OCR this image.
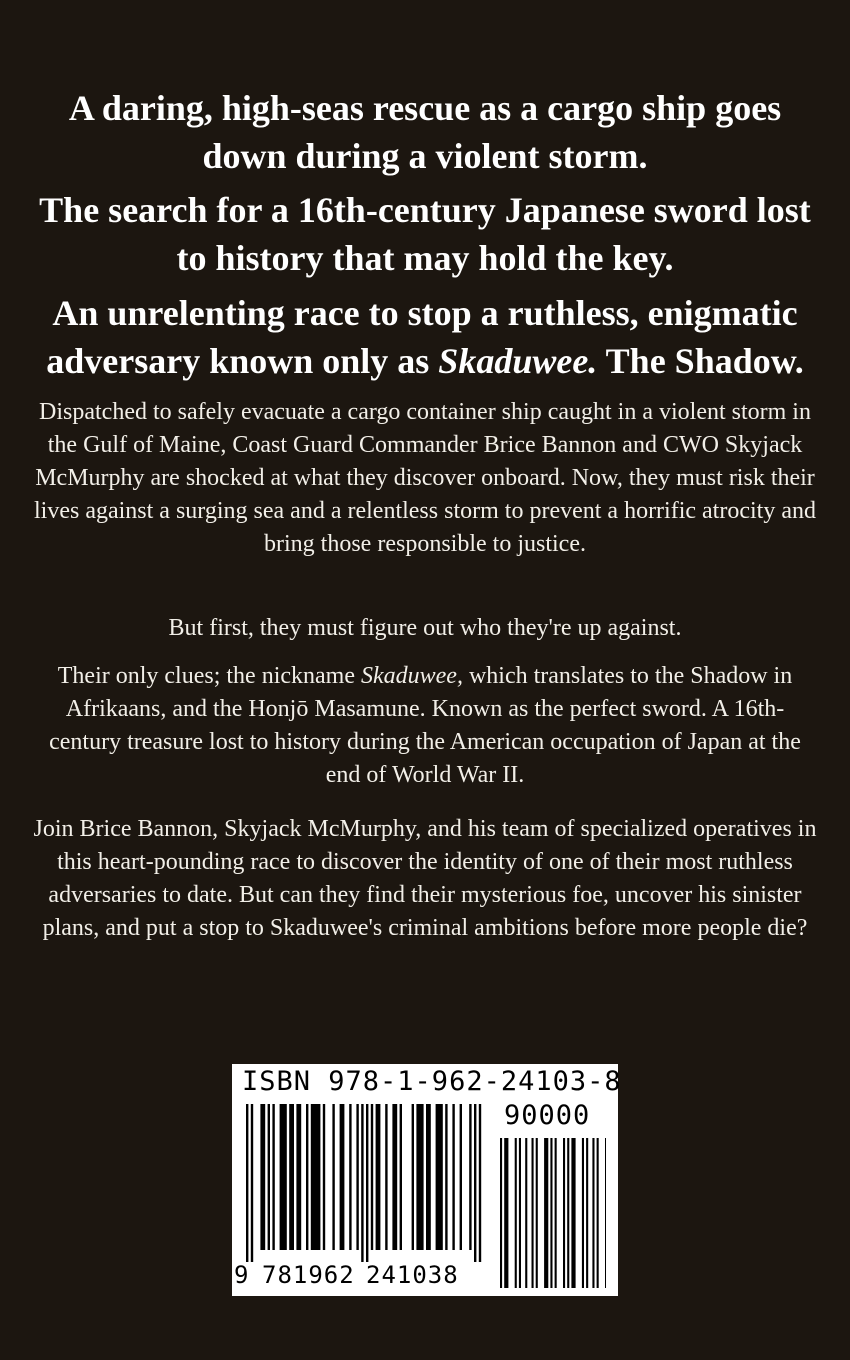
A daring, high-seas rescue as a cargo ship goes down during a violent storm.
The search for a 16th-century Japanese sword lost to history that may hold the key.
An unrelenting race to stop a ruthless, enigmatic adversary known only as Skaduwee. The Shadow.

Dispatched to safely evacuate a cargo container ship caught in a violent storm in the Gulf of Maine, Coast Guard Commander Brice Bannon and CWO Skyjack McMurphy are shocked at what they discover onboard. Now, they must risk their lives against a surging sea and a relentless storm to prevent a horrific atrocity and bring those responsible to justice.

But first, they must figure out who they're up against.

Their only clues; the nickname Skaduwee, which translates to the Shadow in Afrikaans, and the Honjō Masamune. Known as the perfect sword. A 16th-century treasure lost to history during the American occupation of Japan at the end of World War II.

Join Brice Bannon, Skyjack McMurphy, and his team of specialized operatives in this heart-pounding race to discover the identity of one of their most ruthless adversaries to date. But can they find their mysterious foe, uncover his sinister plans, and put a stop to Skaduwee's criminal ambitions before more people die?

ISBN 978-1-962-24103-8
90000
9 781962 241038
